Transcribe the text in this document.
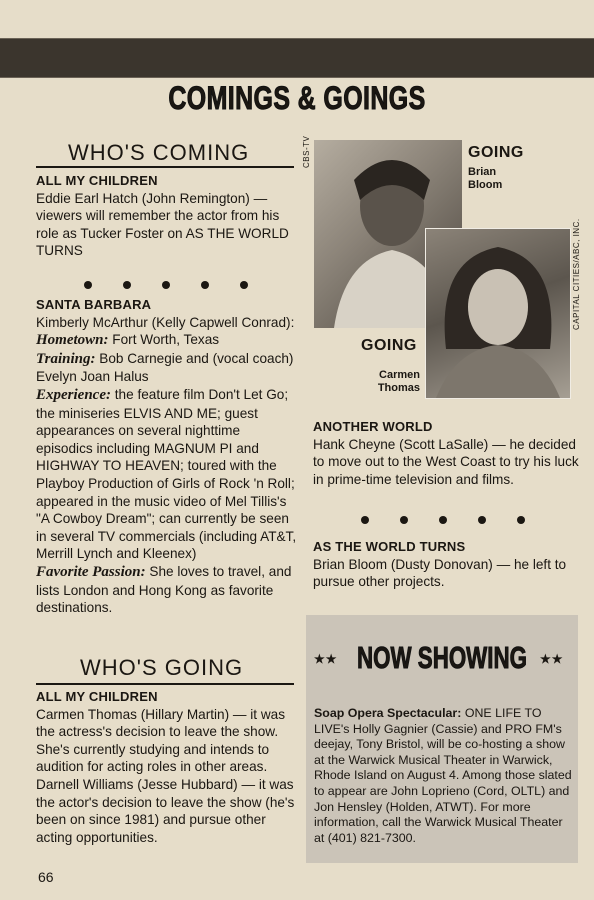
COMINGS & GOINGS
WHO'S COMING
ALL MY CHILDREN
Eddie Earl Hatch (John Remington) — viewers will remember the actor from his role as Tucker Foster on AS THE WORLD TURNS
SANTA BARBARA
Kimberly McArthur (Kelly Capwell Conrad):
Hometown: Fort Worth, Texas
Training: Bob Carnegie and (vocal coach) Evelyn Joan Halus
Experience: the feature film Don't Let Go; the miniseries ELVIS AND ME; guest appearances on several nighttime episodics including MAGNUM PI and HIGHWAY TO HEAVEN; toured with the Playboy Production of Girls of Rock 'n Roll; appeared in the music video of Mel Tillis's "A Cowboy Dream"; can currently be seen in several TV commercials (including AT&T, Merrill Lynch and Kleenex)
Favorite Passion: She loves to travel, and lists London and Hong Kong as favorite destinations.
WHO'S GOING
ALL MY CHILDREN
Carmen Thomas (Hillary Martin) — it was the actress's decision to leave the show. She's currently studying and intends to audition for acting roles in other areas.
Darnell Williams (Jesse Hubbard) — it was the actor's decision to leave the show (he's been on since 1981) and pursue other acting opportunities.
CBS-TV	GOING
Brian
Bloom
CAPITAL CITIES/ABC, INC.
GOING
Carmen
Thomas
ANOTHER WORLD
Hank Cheyne (Scott LaSalle) — he decided to move out to the West Coast to try his luck in prime-time television and films.
AS THE WORLD TURNS
Brian Bloom (Dusty Donovan) — he left to pursue other projects.
★★ NOW SHOWING	★★
Soap Opera Spectacular: ONE LIFE TO LIVE's Holly Gagnier (Cassie) and PRO FM's deejay, Tony Bristol, will be co-hosting a show at the Warwick Musical Theater in Warwick, Rhode Island on August 4. Among those slated to appear are John Loprieno (Cord, OLTL) and Jon Hensley (Holden, ATWT). For more information, call the Warwick Musical Theater at (401) 821-7300.
66
